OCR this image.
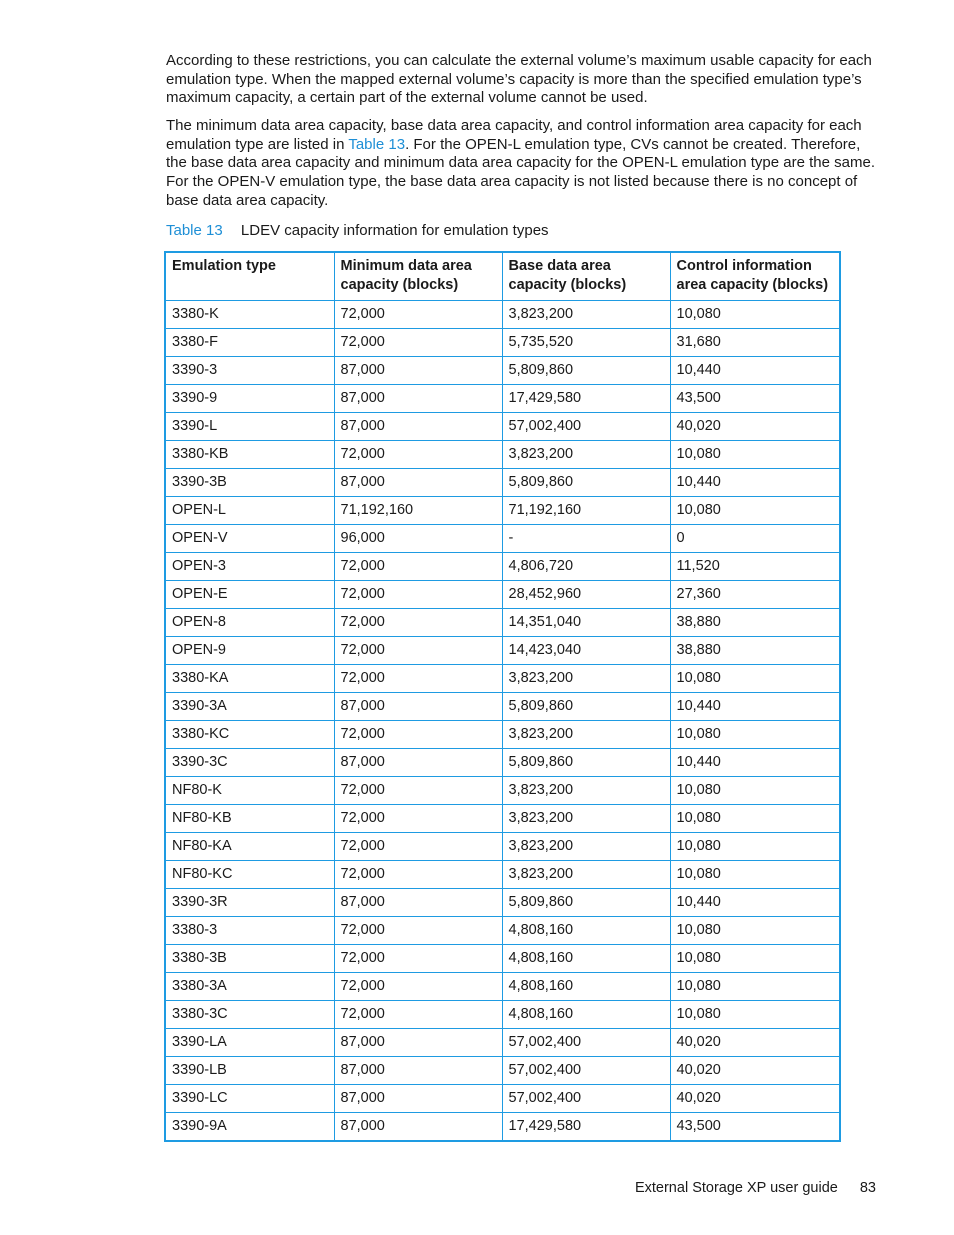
According to these restrictions, you can calculate the external volume’s maximum usable capacity for each emulation type. When the mapped external volume’s capacity is more than the specified emulation type’s maximum capacity, a certain part of the external volume cannot be used.

The minimum data area capacity, base data area capacity, and control information area capacity for each emulation type are listed in Table 13. For the OPEN-L emulation type, CVs cannot be created. Therefore, the base data area capacity and minimum data area capacity for the OPEN-L emulation type are the same. For the OPEN-V emulation type, the base data area capacity is not listed because there is no concept of base data area capacity.

Table 13 LDEV capacity information for emulation types
Emulation type	Minimum data area capacity (blocks)	Base data area capacity (blocks)	Control information area capacity (blocks)
3380-K	72,000	3,823,200	10,080
3380-F	72,000	5,735,520	31,680
3390-3	87,000	5,809,860	10,440
3390-9	87,000	17,429,580	43,500
3390-L	87,000	57,002,400	40,020
3380-KB	72,000	3,823,200	10,080
3390-3B	87,000	5,809,860	10,440
OPEN-L	71,192,160	71,192,160	10,080
OPEN-V	96,000	-	0
OPEN-3	72,000	4,806,720	11,520
OPEN-E	72,000	28,452,960	27,360
OPEN-8	72,000	14,351,040	38,880
OPEN-9	72,000	14,423,040	38,880
3380-KA	72,000	3,823,200	10,080
3390-3A	87,000	5,809,860	10,440
3380-KC	72,000	3,823,200	10,080
3390-3C	87,000	5,809,860	10,440
NF80-K	72,000	3,823,200	10,080
NF80-KB	72,000	3,823,200	10,080
NF80-KA	72,000	3,823,200	10,080
NF80-KC	72,000	3,823,200	10,080
3390-3R	87,000	5,809,860	10,440
3380-3	72,000	4,808,160	10,080
3380-3B	72,000	4,808,160	10,080
3380-3A	72,000	4,808,160	10,080
3380-3C	72,000	4,808,160	10,080
3390-LA	87,000	57,002,400	40,020
3390-LB	87,000	57,002,400	40,020
3390-LC	87,000	57,002,400	40,020
3390-9A	87,000	17,429,580	43,500
External Storage XP user guide 83
